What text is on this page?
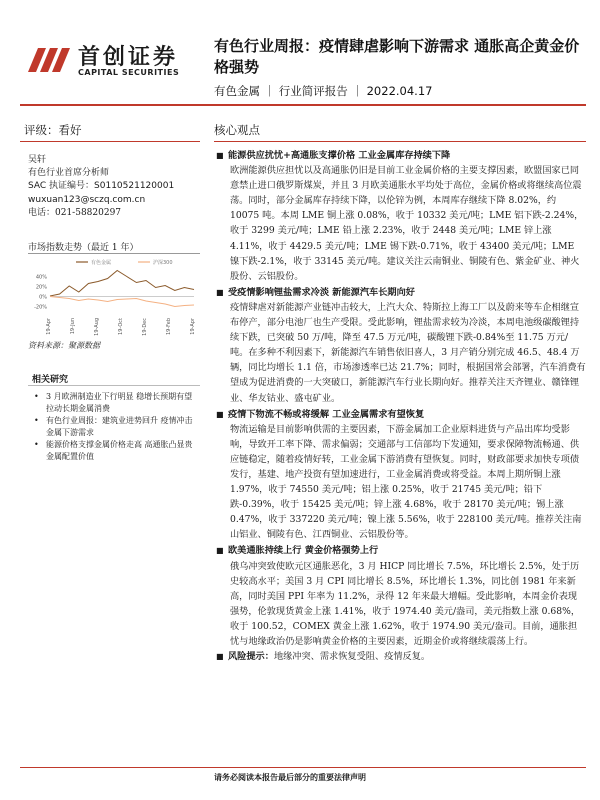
首创证券
CAPITAL SECURITIES
有色行业周报：疫情肆虐影响下游需求 通胀高企黄金价格强势
有色金属 ｜ 行业简评报告 ｜ 2022.04.17
评级：看好
吴轩
有色行业首席分析师
SAC 执证编号：S0110521120001
wuxuan123@sczq.com.cn
电话：021-58820297
市场指数走势（最近 1 年）
40%
20%
0%
-20%
有色金属	沪深300
19-Apr	19-Jun	19-Aug	19-Oct	19-Dec	19-Feb	19-Apr
资料来源：聚源数据
相关研究
• 3 月欧洲制造业下行明显 稳增长预期有望拉动长期金属消费
• 有色行业周报：建筑业进势回升 疫情冲击金属下游需求
• 能源价格支撑金属价格走高 高通胀凸显贵金属配置价值
核心观点
■ 能源供应扰忧+高通胀支撑价格 工业金属库存持续下降
欧洲能源供应担忧以及高通胀仍旧是目前工业金属价格的主要支撑因素，欧盟国家已同意禁止进口俄罗斯煤炭，并且 3 月欧美通胀水平均处于高位，金属价格或将继续高位震荡。同时，部分金属库存持续下降，以伦锌为例，本周库存继续下降 8.02%，约 10075 吨。本周 LME 铜上涨 0.08%，收于 10332 美元/吨；LME 铝下跌-2.24%，收于 3299 美元/吨；LME 铅上涨 2.23%，收于 2448 美元/吨；LME 锌上涨 4.11%，收于 4429.5 美元/吨；LME 锡下跌-0.71%，收于 43400 美元/吨；LME 镍下跌-2.1%，收于 33145 美元/吨。建议关注云南铜业、铜陵有色、紫金矿业、神火股份、云铝股份。
■ 受疫情影响锂盐需求冷淡 新能源汽车长期向好
疫情肆虐对新能源产业链冲击较大，上汽大众、特斯拉上海工厂以及蔚来等车企相继宣布停产，部分电池厂也生产受限。受此影响，锂盐需求较为冷淡，本周电池级碳酸锂持续下跌，已突破 50 万/吨，降至 47.5 万元/吨，碳酸锂下跌-0.84%至 11.75 万元/吨。在多种不利因素下，新能源汽车销售依旧喜人，3 月产销分别完成 46.5、48.4 万辆，同比均增长 1.1 倍，市场渗透率已达 21.7%；同时，根据国常会部署，汽车消费有望成为促进消费的一大突破口，新能源汽车行业长期向好。推荐关注天齐锂业、赣锋锂业、华友钴业、盛屯矿业。
■ 疫情下物流不畅或将缓解 工业金属需求有望恢复
物流运输是目前影响供需的主要因素，下游金属加工企业原料进货与产品出库均受影响，导致开工率下降、需求偏弱；交通部与工信部均下发通知，要求保障物流畅通、供应链稳定，随着疫情好转，工业金属下游消费有望恢复。同时，财政部要求加快专项债发行，基建、地产投资有望加速进行，工业金属消费或将受益。本周上期所铜上涨 1.97%，收于 74550 美元/吨；铝上涨 0.25%，收于 21745 美元/吨；铅下跌-0.39%，收于 15425 美元/吨；锌上涨 4.68%，收于 28170 美元/吨；锡上涨 0.47%，收于 337220 美元/吨；镍上涨 5.56%，收于 228100 美元/吨。推荐关注南山铝业、铜陵有色、江西铜业、云铝股份等。
■ 欧美通胀持续上行 黄金价格强势上行
俄乌冲突致使欧元区通胀恶化，3 月 HICP 同比增长 7.5%，环比增长 2.5%，处于历史较高水平；美国 3 月 CPI 同比增长 8.5%，环比增长 1.3%，同比创 1981 年来新高，同时美国 PPI 年率为 11.2%，录得 12 年来最大增幅。受此影响，本周金价表现强势，伦敦现货黄金上涨 1.41%，收于 1974.40 美元/盎司，美元指数上涨 0.68%，收于 100.52，COMEX 黄金上涨 1.62%，收于 1974.90 美元/盎司。目前，通胀担忧与地缘政治仍是影响黄金价格的主要因素，近期金价或将继续震荡上行。
■ 风险提示：地缘冲突、需求恢复受阻、疫情反复。
请务必阅读本报告最后部分的重要法律声明
